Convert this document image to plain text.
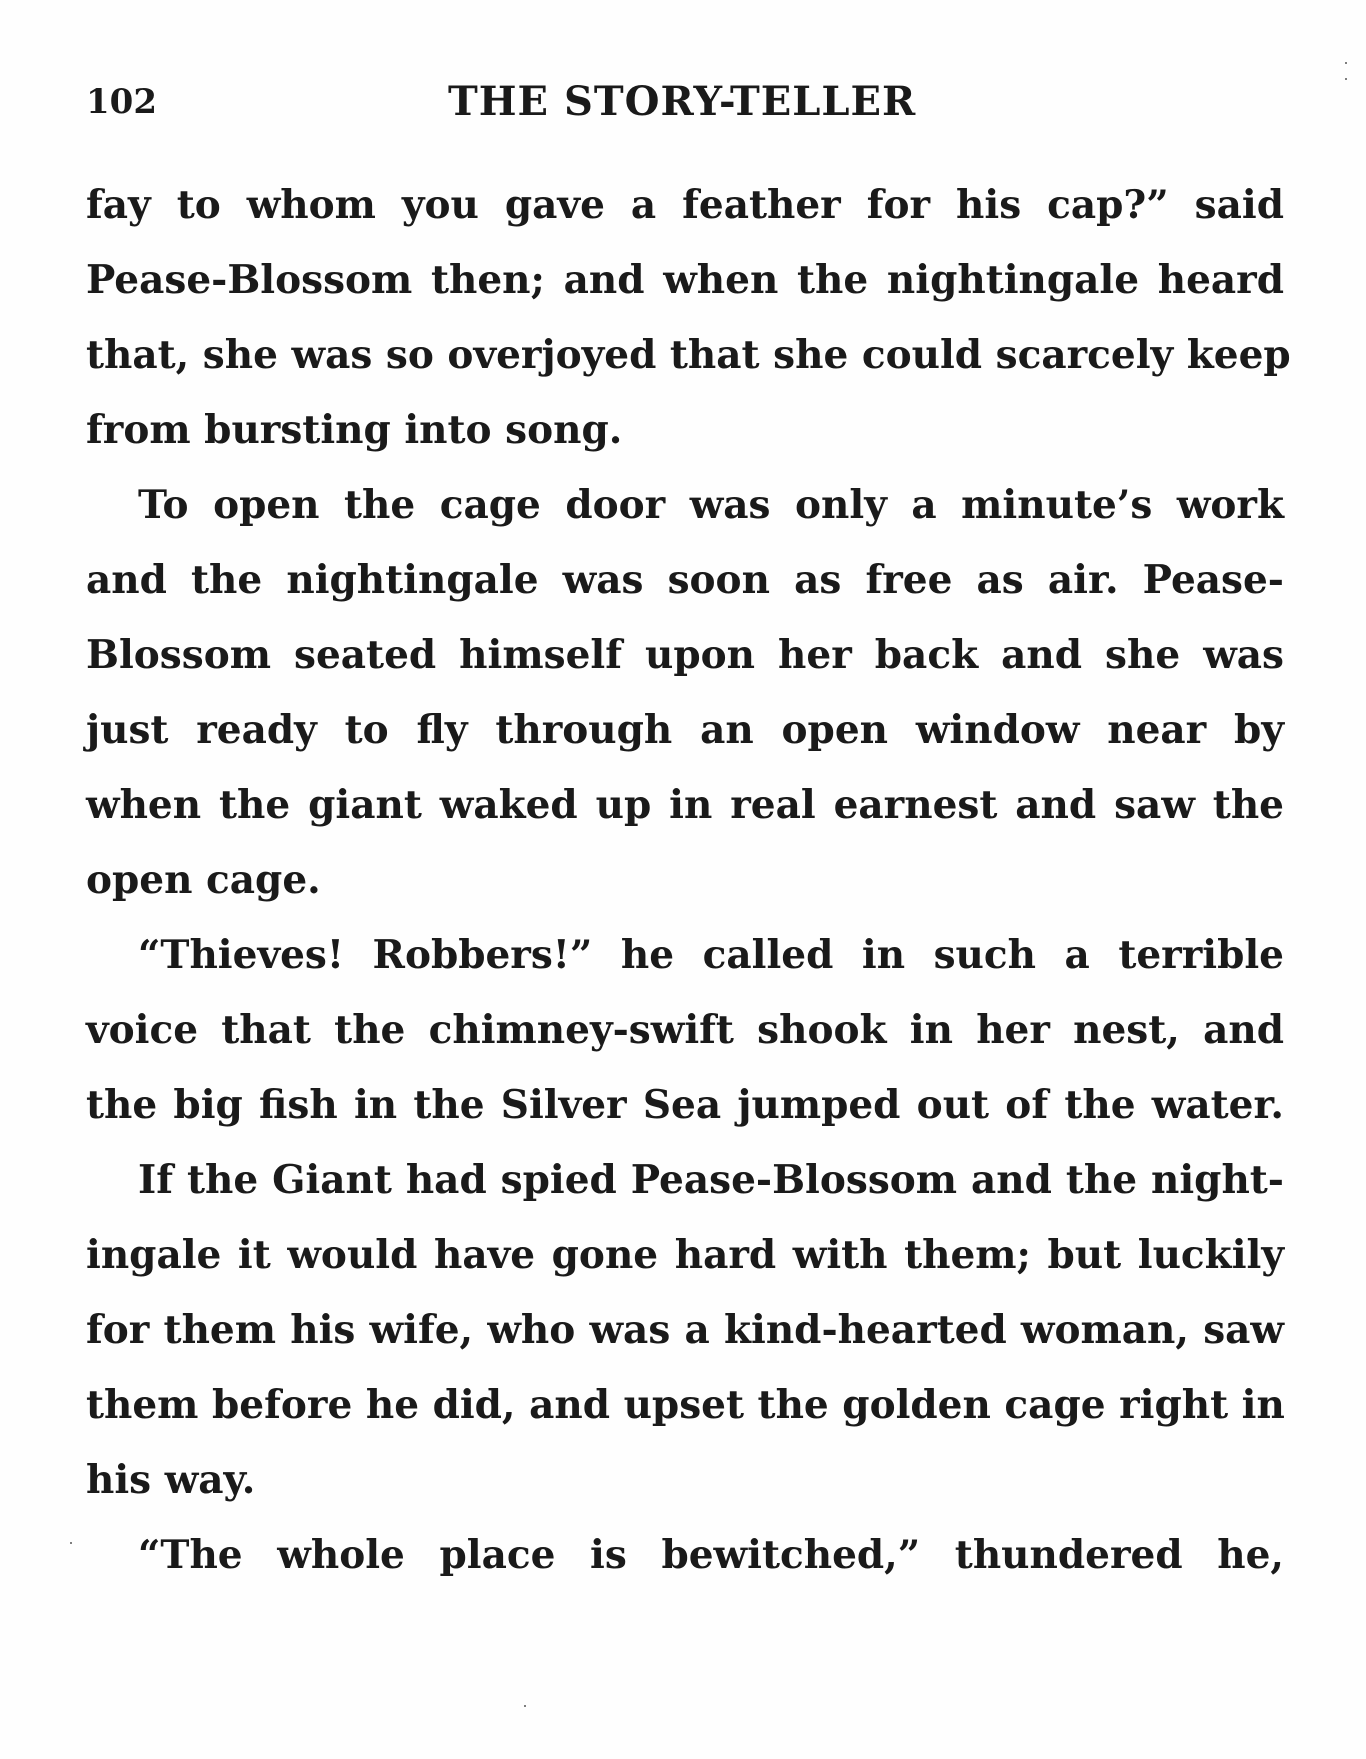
102	THE STORY-TELLER
fay to whom you gave a feather for his cap?” said
Pease-Blossom then; and when the nightingale heard
that, she was so overjoyed that she could scarcely keep
from bursting into song.
To open the cage door was only a minute’s work
and the nightingale was soon as free as air. Pease-
Blossom seated himself upon her back and she was
just ready to fly through an open window near by
when the giant waked up in real earnest and saw the
open cage.
“Thieves! Robbers!” he called in such a terrible
voice that the chimney-swift shook in her nest, and
the big fish in the Silver Sea jumped out of the water.
If the Giant had spied Pease-Blossom and the night-
ingale it would have gone hard with them; but luckily
for them his wife, who was a kind-hearted woman, saw
them before he did, and upset the golden cage right in
his way.
“The whole place is bewitched,” thundered he,
